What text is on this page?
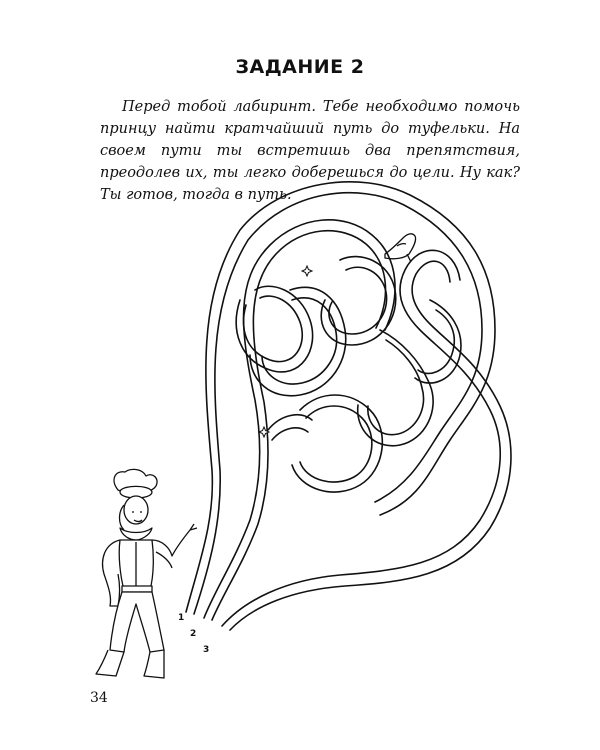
ЗАДАНИЕ 2
Перед тобой лабиринт. Тебе необходимо помочь принцу найти кратчайший путь до туфельки. На своем пути ты встретишь два препятствия, преодолев их, ты легко доберешься до цели. Ну как? Ты готов, тогда в путь.
1
2
3
34
